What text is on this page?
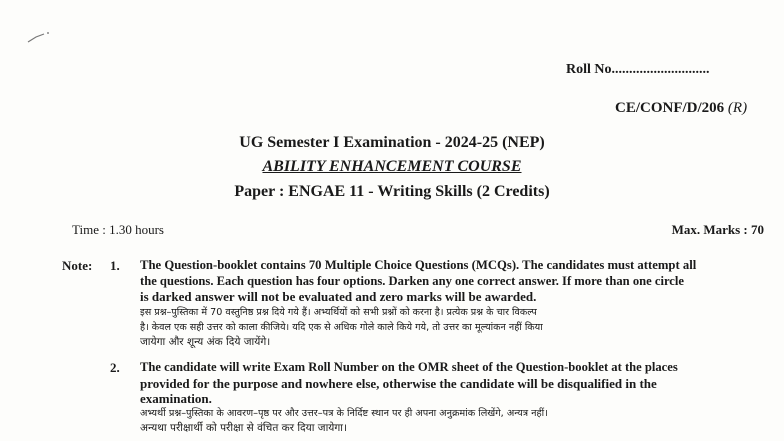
Roll No............................
CE/CONF/D/206 (R)
UG Semester I Examination - 2024-25 (NEP)
ABILITY ENHANCEMENT COURSE
Paper : ENGAE 11 - Writing Skills (2 Credits)
Time : 1.30 hours	Max. Marks : 70
Note: 1. The Question-booklet contains 70 Multiple Choice Questions (MCQs). The candidates must attempt all
the questions. Each question has four options. Darken any one correct answer. If more than one circle
is darked answer will not be evaluated and zero marks will be awarded.
इस प्रश्न–पुस्तिका में 70 वस्तुनिष्ठ प्रश्न दिये गये हैं। अभ्यर्थियों को सभी प्रश्नों को करना है। प्रत्येक प्रश्न के चार विकल्प
है। केवल एक सही उत्तर को काला कीजिये। यदि एक से अधिक गोले काले किये गये, तो उत्तर का मूल्यांकन नहीं किया
जायेगा और शून्य अंक दिये जायेंगे।
2. The candidate will write Exam Roll Number on the OMR sheet of the Question-booklet at the places
provided for the purpose and nowhere else, otherwise the candidate will be disqualified in the
examination.
अभ्यर्थी प्रश्न–पुस्तिका के आवरण–पृष्ठ पर और उत्तर–पत्र के निर्दिष्ट स्थान पर ही अपना अनुक्रमांक लिखेंगे, अन्यत्र नहीं।
अन्यथा परीक्षार्थी को परीक्षा से वंचित कर दिया जायेगा।
